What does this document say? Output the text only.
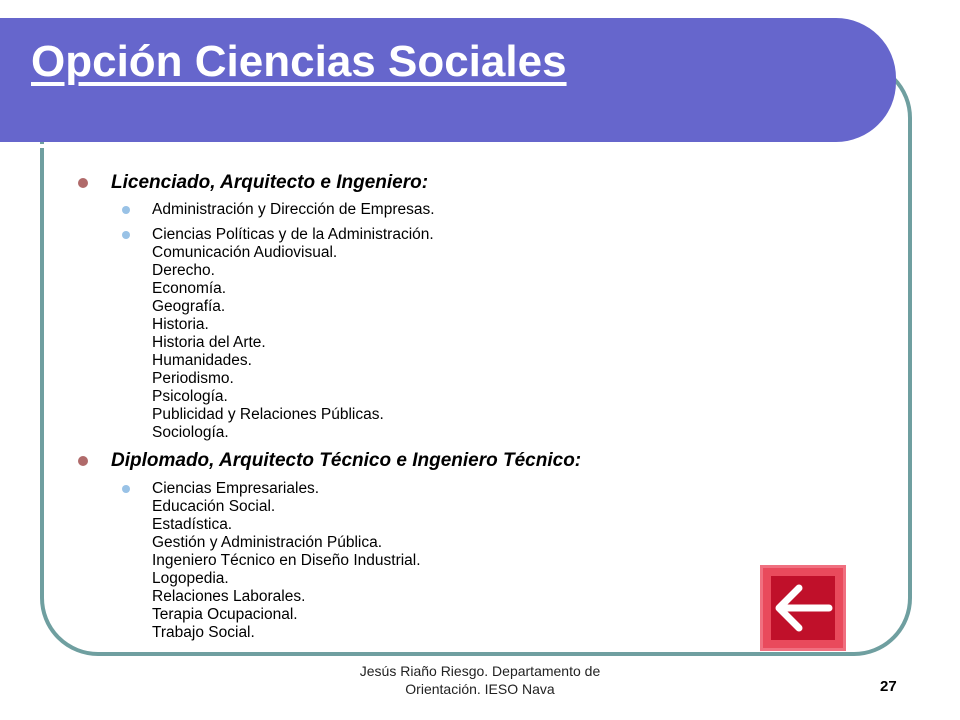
Opción Ciencias Sociales
Licenciado, Arquitecto e Ingeniero:
Administración y Dirección de Empresas.
Ciencias Políticas y de la Administración.
Comunicación Audiovisual.
Derecho.
Economía.
Geografía.
Historia.
Historia del Arte.
Humanidades.
Periodismo.
Psicología.
Publicidad y Relaciones Públicas.
Sociología.
Diplomado, Arquitecto Técnico e Ingeniero Técnico:
Ciencias Empresariales.
Educación Social.
Estadística.
Gestión y Administración Pública.
Ingeniero Técnico en Diseño Industrial.
Logopedia.
Relaciones Laborales.
Terapia Ocupacional.
Trabajo Social.
Jesús Riaño Riesgo. Departamento de
Orientación. IESO Nava	27
